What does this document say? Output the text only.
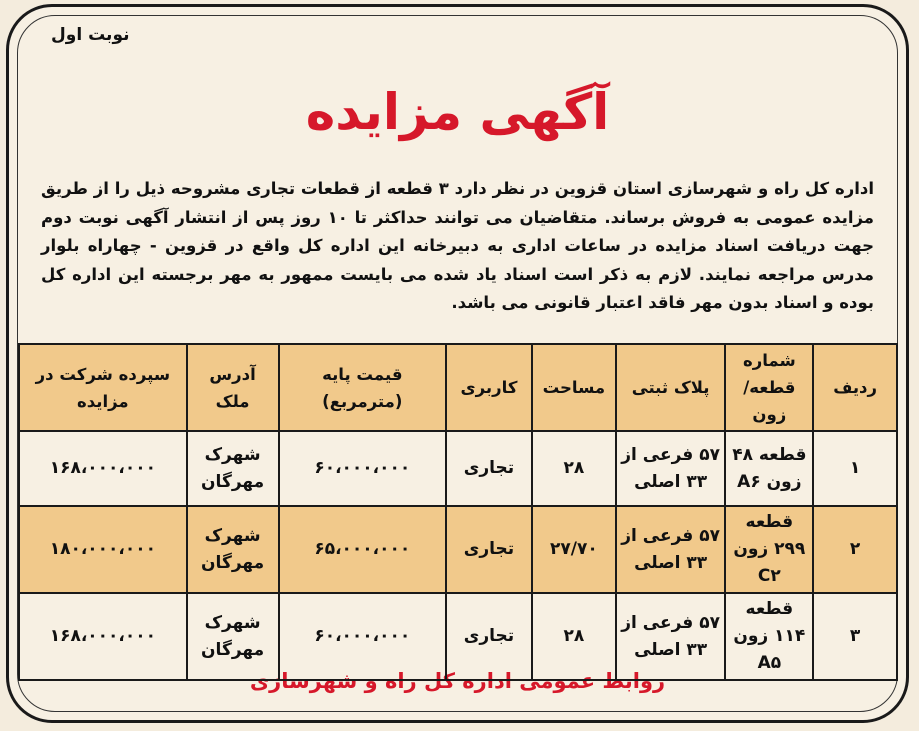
نوبت اول
آگهی مزایده
اداره کل راه و شهرسازی استان قزوین در نظر دارد ۳ قطعه از قطعات تجاری مشروحه ذیل را از طریق مزایده عمومی به فروش برساند. متقاضیان می توانند حداکثر تا ۱۰ روز پس از انتشار آگهی نوبت دوم جهت دریافت اسناد مزایده در ساعات اداری به دبیرخانه این اداره کل واقع در قزوین - چهاراه بلوار مدرس مراجعه نمایند. لازم به ذکر است اسناد یاد شده می بایست ممهور به مهر برجسته این اداره کل بوده و اسناد بدون مهر فاقد اعتبار قانونی می باشد.
روابط عمومی اداره کل راه و شهرسازی
ردیف	شماره قطعه/ زون	پلاک ثبتی	مساحت	کاربری	قیمت پایه (مترمربع)	آدرس ملک	سپرده شرکت در مزایده
۱	قطعه ۴۸ زون A۶	۵۷ فرعی از ۳۳ اصلی	۲۸	تجاری	۶۰،۰۰۰،۰۰۰	شهرک مهرگان	۱۶۸،۰۰۰،۰۰۰
۲	قطعه ۲۹۹ زون C۲	۵۷ فرعی از ۳۳ اصلی	۲۷/۷۰	تجاری	۶۵،۰۰۰،۰۰۰	شهرک مهرگان	۱۸۰،۰۰۰،۰۰۰
۳	قطعه ۱۱۴ زون A۵	۵۷ فرعی از ۳۳ اصلی	۲۸	تجاری	۶۰،۰۰۰،۰۰۰	شهرک مهرگان	۱۶۸،۰۰۰،۰۰۰
